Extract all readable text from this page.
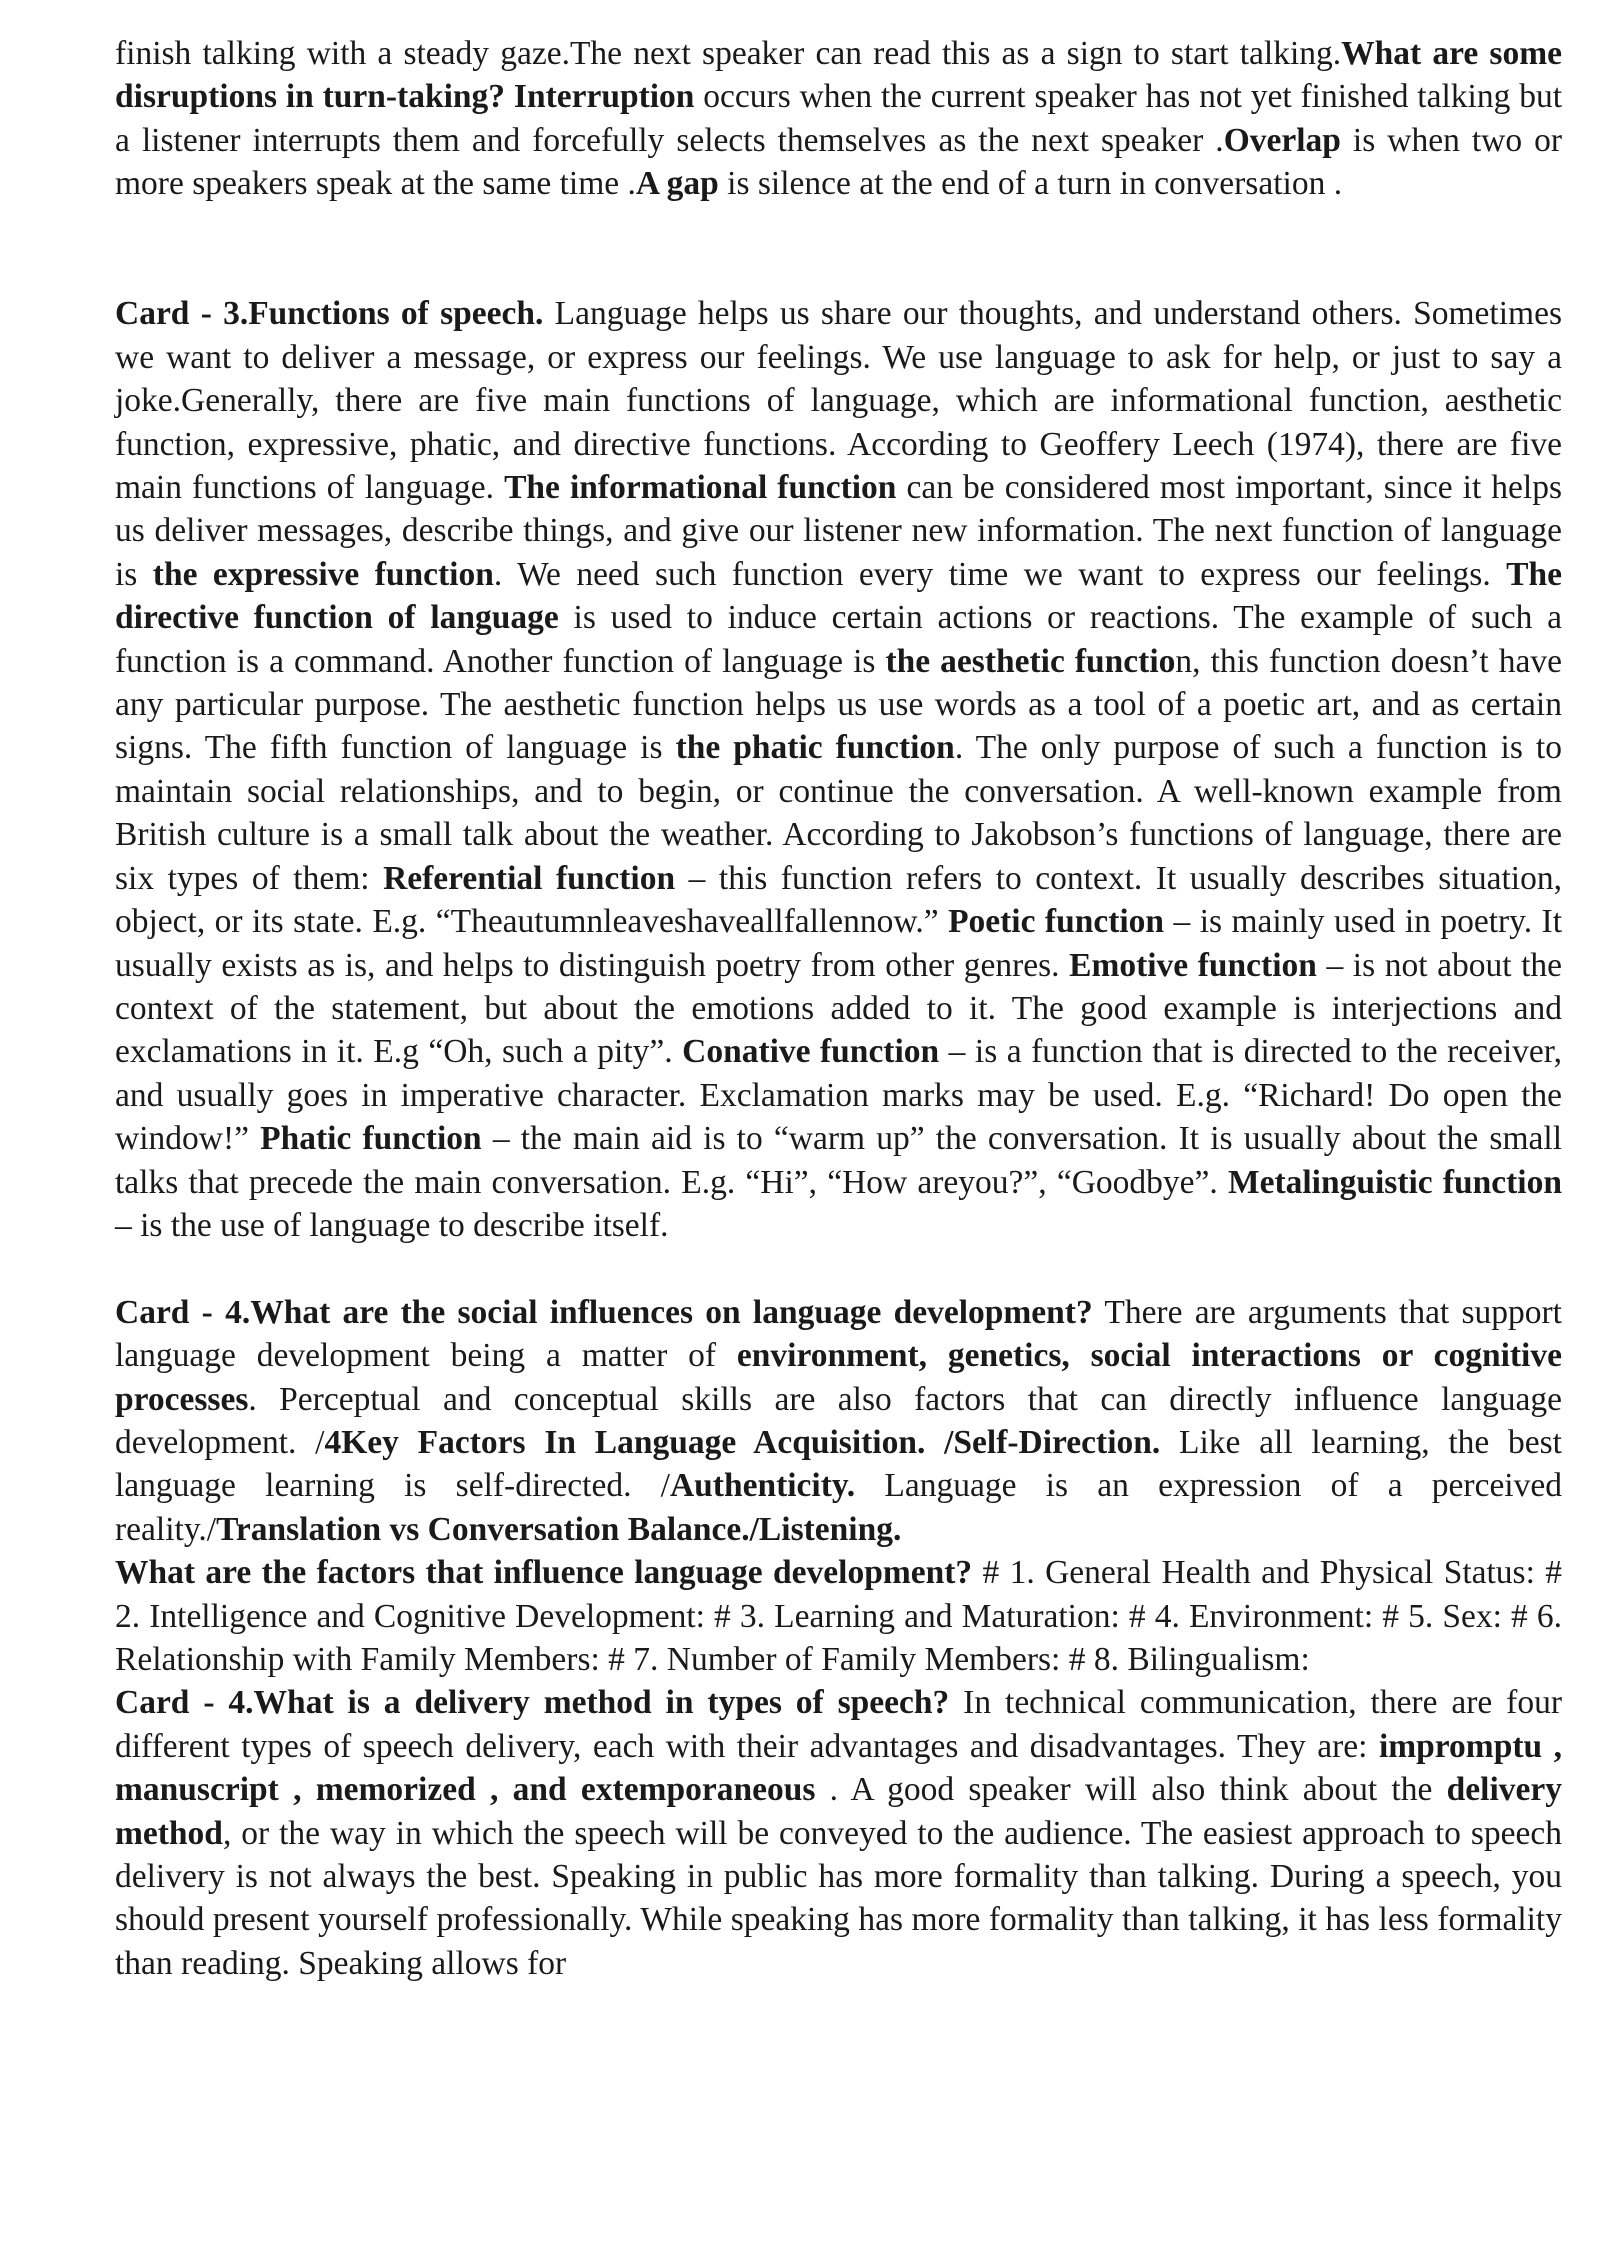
finish talking with a steady gaze.The next speaker can read this as a sign to start talking.What are some disruptions in turn-taking? Interruption occurs when the current speaker has not yet finished talking but a listener interrupts them and forcefully selects themselves as the next speaker .Overlap is when two or more speakers speak at the same time .A gap is silence at the end of a turn in conversation .

Card - 3.Functions of speech. Language helps us share our thoughts, and understand others. Sometimes we want to deliver a message, or express our feelings. We use language to ask for help, or just to say a joke.Generally, there are five main functions of language, which are informational function, aesthetic function, expressive, phatic, and directive functions. According to Geoffery Leech (1974), there are five main functions of language. The informational function can be considered most important, since it helps us deliver messages, describe things, and give our listener new information. The next function of language is the expressive function. We need such function every time we want to express our feelings. The directive function of language is used to induce certain actions or reactions. The example of such a function is a command. Another function of language is the aesthetic function, this function doesn’t have any particular purpose. The aesthetic function helps us use words as a tool of a poetic art, and as certain signs. The fifth function of language is the phatic function. The only purpose of such a function is to maintain social relationships, and to begin, or continue the conversation. A well-known example from British culture is a small talk about the weather. According to Jakobson’s functions of language, there are six types of them: Referential function – this function refers to context. It usually describes situation, object, or its state. E.g. “Theautumnleaveshaveallfallennow.” Poetic function – is mainly used in poetry. It usually exists as is, and helps to distinguish poetry from other genres. Emotive function – is not about the context of the statement, but about the emotions added to it. The good example is interjections and exclamations in it. E.g “Oh, such a pity”. Conative function – is a function that is directed to the receiver, and usually goes in imperative character. Exclamation marks may be used. E.g. “Richard! Do open the window!” Phatic function – the main aid is to “warm up” the conversation. It is usually about the small talks that precede the main conversation. E.g. “Hi”, “How areyou?”, “Goodbye”. Metalinguistic function – is the use of language to describe itself.

Card - 4.What are the social influences on language development? There are arguments that support language development being a matter of environment, genetics, social interactions or cognitive processes. Perceptual and conceptual skills are also factors that can directly influence language development. /4Key Factors In Language Acquisition. /Self-Direction. Like all learning, the best language learning is self-directed. /Authenticity. Language is an expression of a perceived reality./Translation vs Conversation Balance./Listening.

What are the factors that influence language development? # 1. General Health and Physical Status: # 2. Intelligence and Cognitive Development: # 3. Learning and Maturation: # 4. Environment: # 5. Sex: # 6. Relationship with Family Members: # 7. Number of Family Members: # 8. Bilingualism:

Card - 4.What is a delivery method in types of speech? In technical communication, there are four different types of speech delivery, each with their advantages and disadvantages. They are: impromptu , manuscript , memorized , and extemporaneous . A good speaker will also think about the delivery method, or the way in which the speech will be conveyed to the audience. The easiest approach to speech delivery is not always the best. Speaking in public has more formality than talking. During a speech, you should present yourself professionally. While speaking has more formality than talking, it has less formality than reading. Speaking allows for
